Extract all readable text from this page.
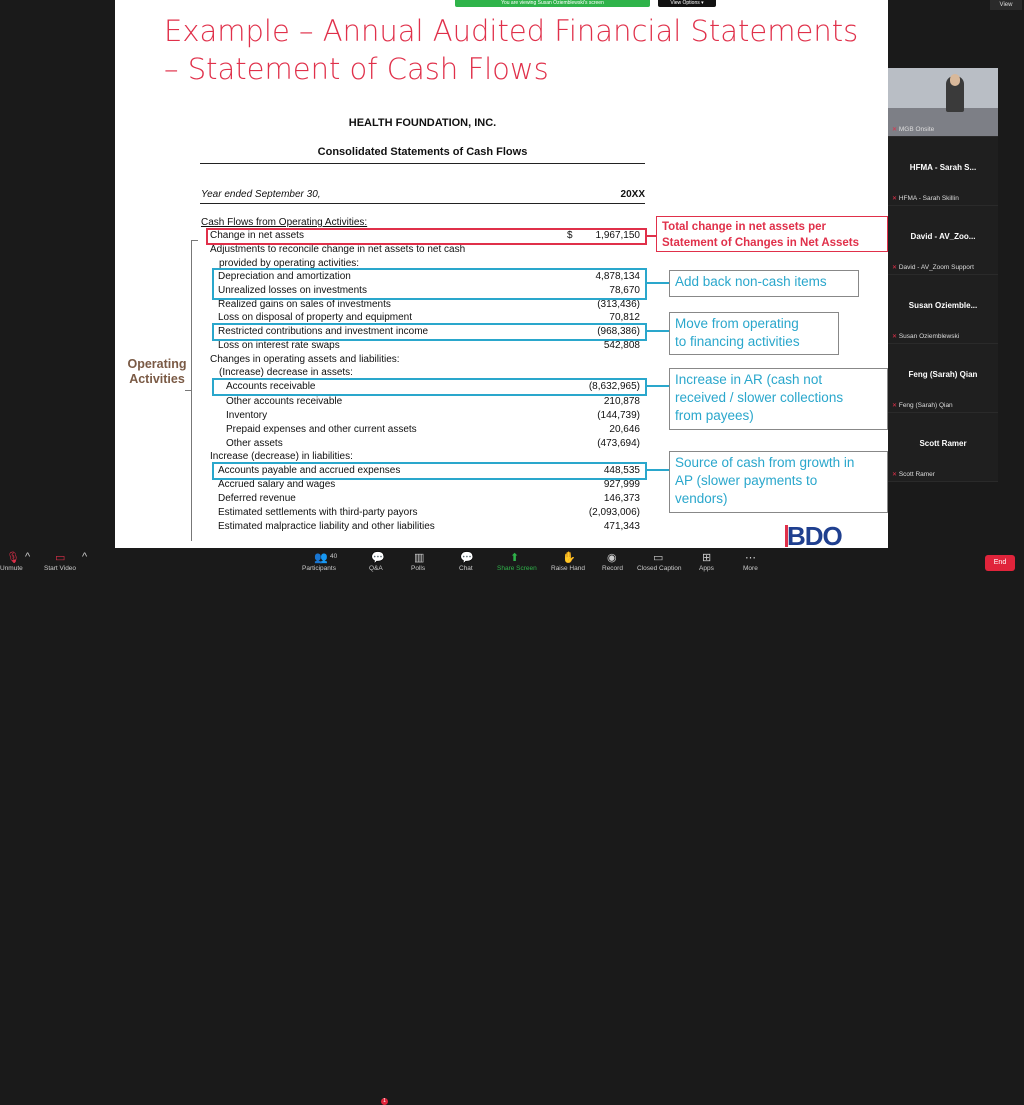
You are viewing Susan Oziemblewski's screen	View Options ▾
Example – Annual Audited Financial Statements – Statement of Cash Flows
HEALTH FOUNDATION, INC.
Consolidated Statements of Cash Flows
Year ended September 30,	20XX
Cash Flows from Operating Activities:
Change in net assets	$	1,967,150
Adjustments to reconcile change in net assets to net cash
provided by operating activities:
Depreciation and amortization	4,878,134
Unrealized losses on investments	78,670
Realized gains on sales of investments	(313,436)
Loss on disposal of property and equipment	70,812
Restricted contributions and investment income	(968,386)
Loss on interest rate swaps	542,808
Changes in operating assets and liabilities:
(Increase) decrease in assets:
Accounts receivable	(8,632,965)
Other accounts receivable	210,878
Inventory	(144,739)
Prepaid expenses and other current assets	20,646
Other assets	(473,694)
Increase (decrease) in liabilities:
Accounts payable and accrued expenses	448,535
Accrued salary and wages	927,999
Deferred revenue	146,373
Estimated settlements with third-party payors	(2,093,006)
Estimated malpractice liability and other liabilities	471,343
Total change in net assets per
Statement of Changes in Net Assets
Add back non-cash items
Move from operating
to financing activities
Increase in AR (cash not
received / slower collections
from payees)
Source of cash from growth in
AP (slower payments to
vendors)
Operating
Activities
BDO
View
✕ MGB Onsite
HFMA - Sarah S...
✕ HFMA - Sarah Skillin
David - AV_Zoo...
✕ David - AV_Zoom Support
Susan Oziemble...
✕ Susan Oziemblewski
Feng (Sarah) Qian
✕ Feng (Sarah) Qian
Scott Ramer
✕ Scott Ramer
🎙
Unmute
^ ▭
Start Video
^	👥 40
Participants
💬
1
Q&A
▥
Polls
💬
Chat
⬆
Share Screen
✋
Raise Hand
◉
Record
▭
Closed Caption
⊞
Apps
⋯
More
End
